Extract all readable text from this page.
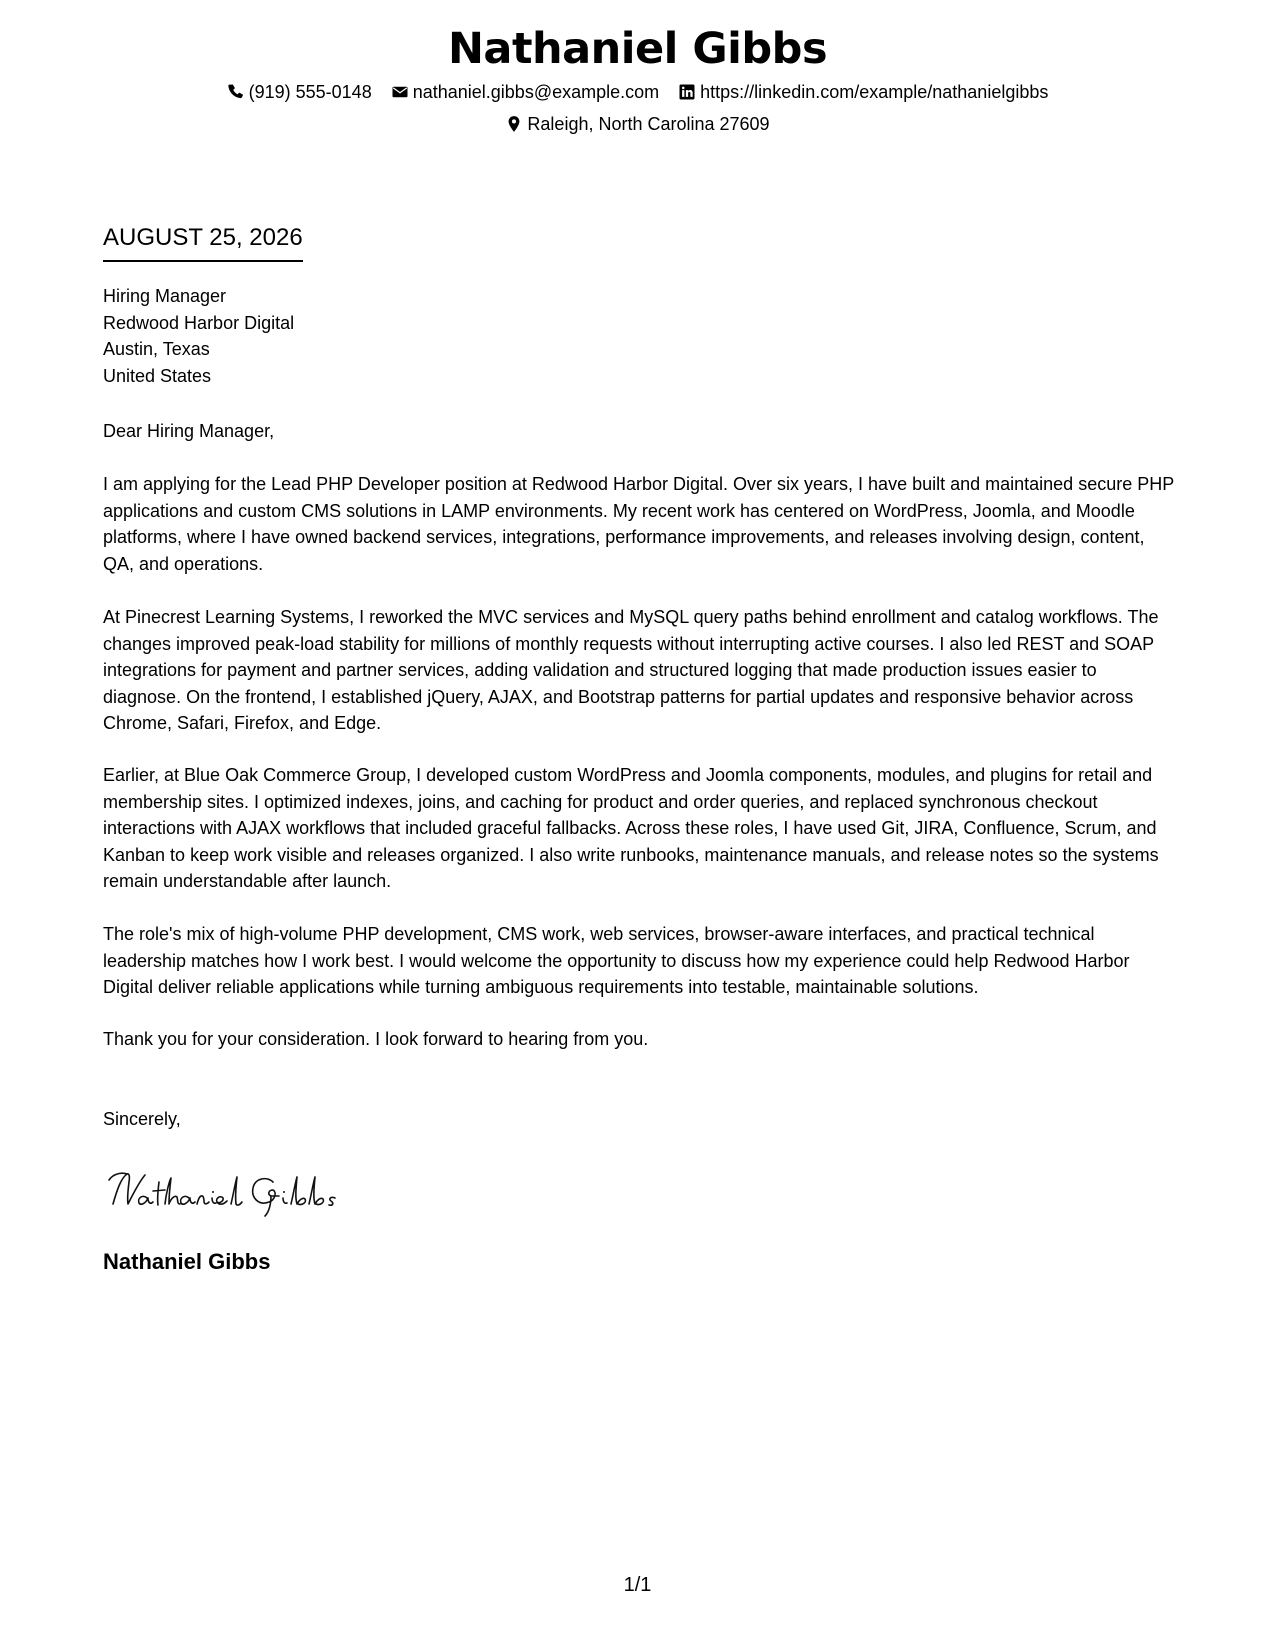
Nathaniel Gibbs
(919) 555-0148
nathaniel.gibbs@example.com
https://linkedin.com/example/nathanielgibbs
Raleigh, North Carolina 27609
AUGUST 25, 2026
Hiring Manager
Redwood Harbor Digital
Austin, Texas
United States

Dear Hiring Manager,

I am applying for the Lead PHP Developer position at Redwood Harbor Digital. Over six years, I have built and maintained secure PHP applications and custom CMS solutions in LAMP environments. My recent work has centered on WordPress, Joomla, and Moodle platforms, where I have owned backend services, integrations, performance improvements, and releases involving design, content, QA, and operations.

At Pinecrest Learning Systems, I reworked the MVC services and MySQL query paths behind enrollment and catalog workflows. The changes improved peak-load stability for millions of monthly requests without interrupting active courses. I also led REST and SOAP integrations for payment and partner services, adding validation and structured logging that made production issues easier to diagnose. On the frontend, I established jQuery, AJAX, and Bootstrap patterns for partial updates and responsive behavior across Chrome, Safari, Firefox, and Edge.

Earlier, at Blue Oak Commerce Group, I developed custom WordPress and Joomla components, modules, and plugins for retail and membership sites. I optimized indexes, joins, and caching for product and order queries, and replaced synchronous checkout interactions with AJAX workflows that included graceful fallbacks. Across these roles, I have used Git, JIRA, Confluence, Scrum, and Kanban to keep work visible and releases organized. I also write runbooks, maintenance manuals, and release notes so the systems remain understandable after launch.

The role's mix of high-volume PHP development, CMS work, web services, browser-aware interfaces, and practical technical leadership matches how I work best. I would welcome the opportunity to discuss how my experience could help Redwood Harbor Digital deliver reliable applications while turning ambiguous requirements into testable, maintainable solutions.

Thank you for your consideration. I look forward to hearing from you.

Sincerely,

Nathaniel Gibbs
1/1
